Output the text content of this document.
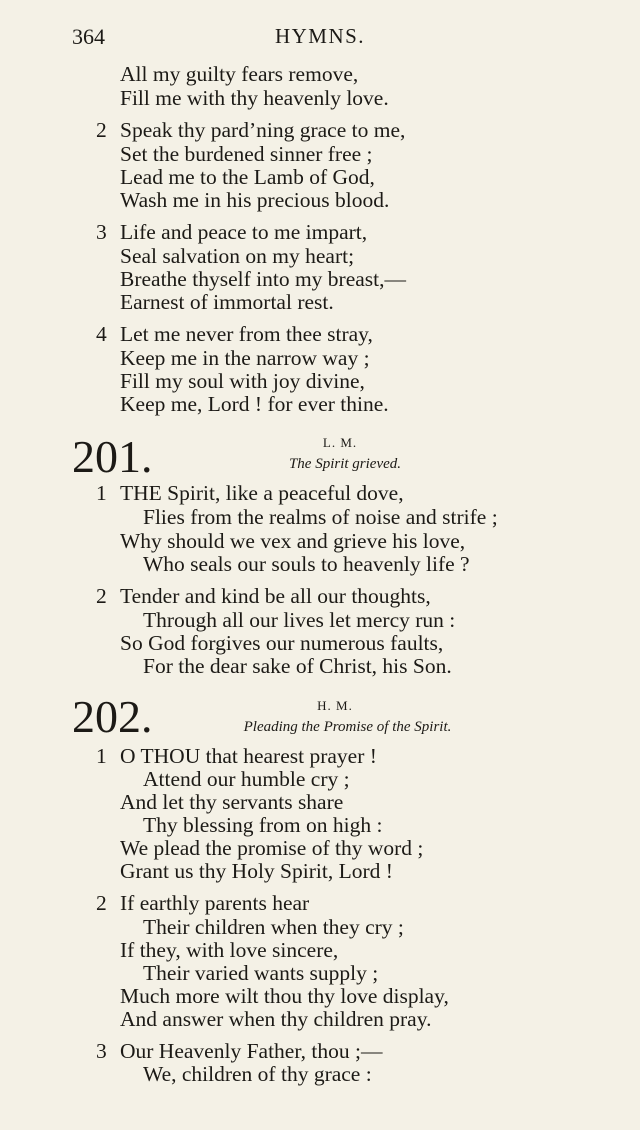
364	HYMNS.
All my guilty fears remove,
Fill me with thy heavenly love.
2 Speak thy pard’ning grace to me,
Set the burdened sinner free ;
Lead me to the Lamb of God,
Wash me in his precious blood.
3 Life and peace to me impart,
Seal salvation on my heart;
Breathe thyself into my breast,—
Earnest of immortal rest.
4 Let me never from thee stray,
Keep me in the narrow way ;
Fill my soul with joy divine,
Keep me, Lord ! for ever thine.
201.	L. M.
The Spirit grieved.
1 THE Spirit, like a peaceful dove,
Flies from the realms of noise and strife ;
Why should we vex and grieve his love,
Who seals our souls to heavenly life ?
2 Tender and kind be all our thoughts,
Through all our lives let mercy run :
So God forgives our numerous faults,
For the dear sake of Christ, his Son.
202.	H. M.
Pleading the Promise of the Spirit.
1 O THOU that hearest prayer !
Attend our humble cry ;
And let thy servants share
Thy blessing from on high :
We plead the promise of thy word ;
Grant us thy Holy Spirit, Lord !
2 If earthly parents hear
Their children when they cry ;
If they, with love sincere,
Their varied wants supply ;
Much more wilt thou thy love display,
And answer when thy children pray.
3 Our Heavenly Father, thou ;—
We, children of thy grace :
